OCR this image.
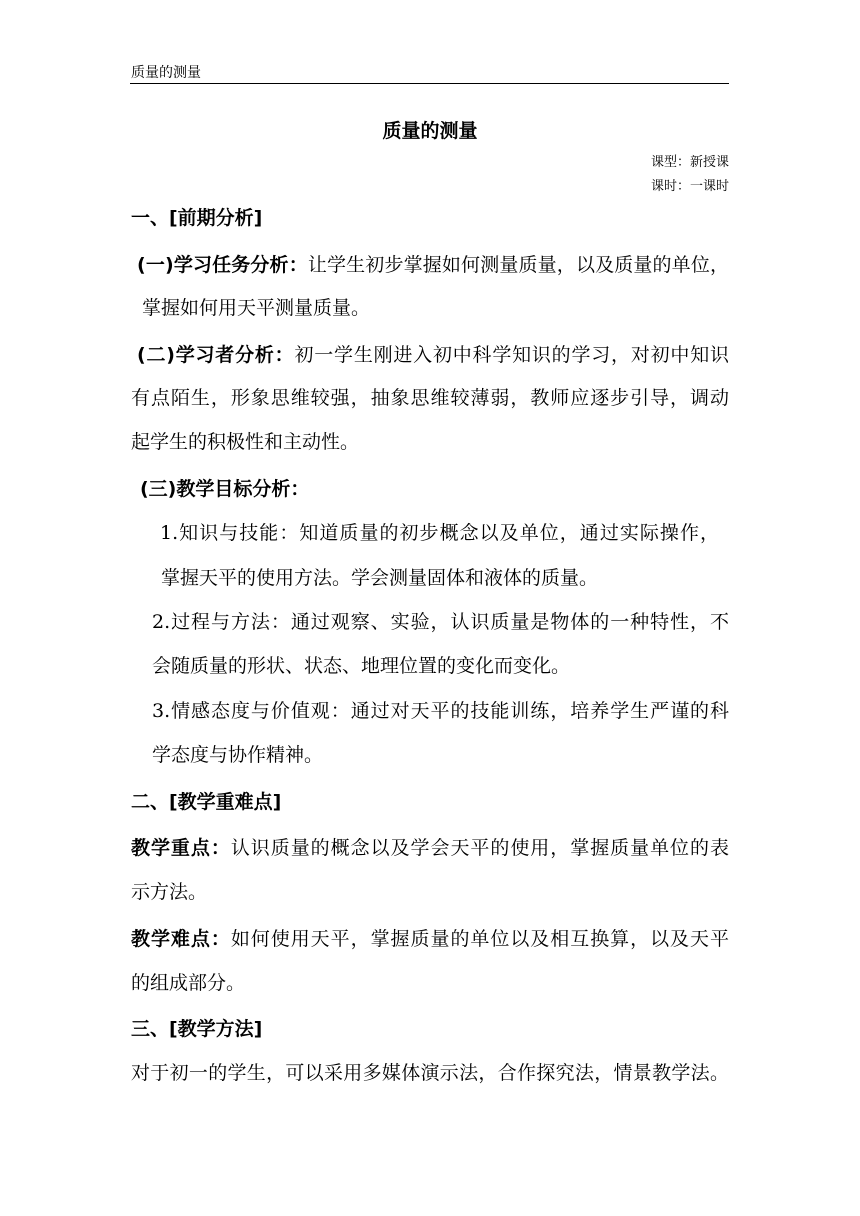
质量的测量
质量的测量
课型：新授课
课时：一课时
一、[前期分析]
(一)学习任务分析：让学生初步掌握如何测量质量，以及质量的单位，
掌握如何用天平测量质量。
(二)学习者分析：初一学生刚进入初中科学知识的学习，对初中知识
有点陌生，形象思维较强，抽象思维较薄弱，教师应逐步引导，调动
起学生的积极性和主动性。
(三)教学目标分析：
1.知识与技能：知道质量的初步概念以及单位，通过实际操作，
掌握天平的使用方法。学会测量固体和液体的质量。
2.过程与方法：通过观察、实验，认识质量是物体的一种特性，不
会随质量的形状、状态、地理位置的变化而变化。
3.情感态度与价值观：通过对天平的技能训练，培养学生严谨的科
学态度与协作精神。
二、[教学重难点]
教学重点：认识质量的概念以及学会天平的使用，掌握质量单位的表
示方法。
教学难点：如何使用天平，掌握质量的单位以及相互换算，以及天平
的组成部分。
三、[教学方法]
对于初一的学生，可以采用多媒体演示法，合作探究法，情景教学法。
